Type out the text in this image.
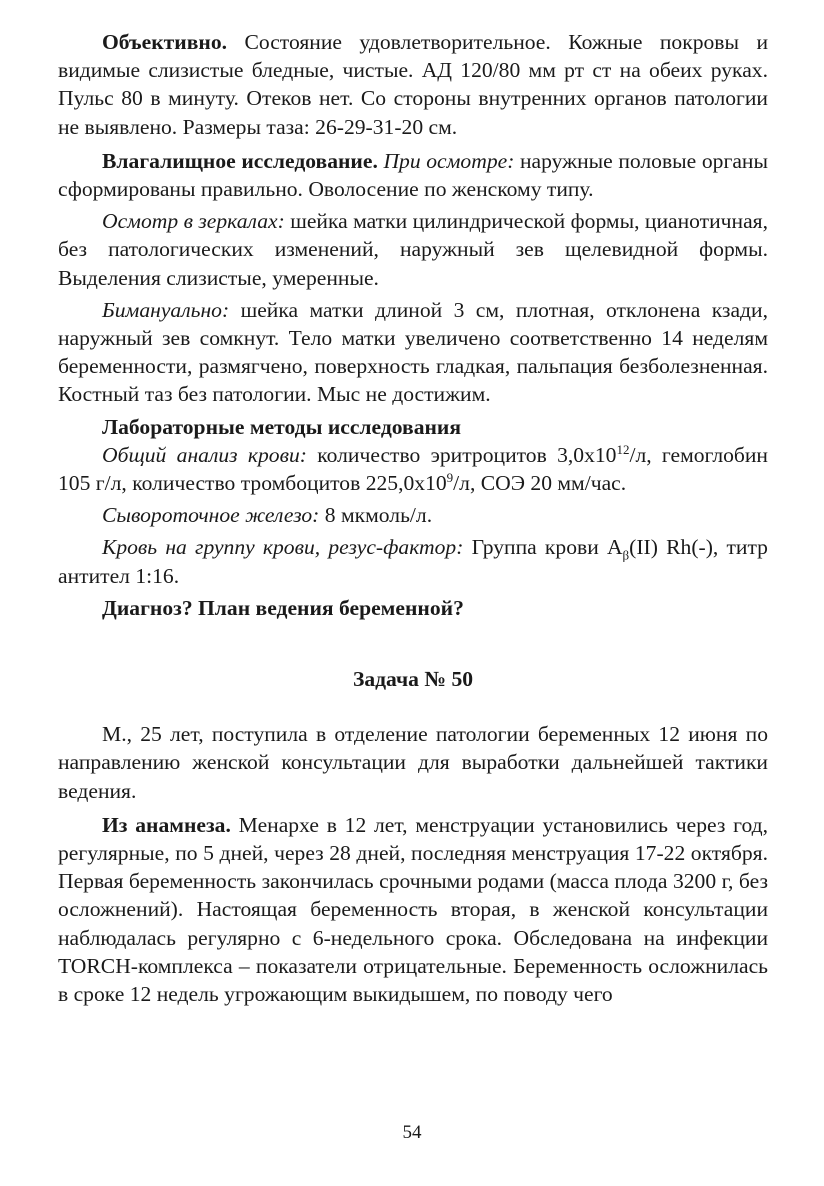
Объективно. Состояние удовлетворительное. Кожные покровы и видимые слизистые бледные, чистые. АД 120/80 мм рт ст на обеих руках. Пульс 80 в минуту. Отеков нет. Со стороны внутренних органов патологии не выявлено. Размеры таза: 26-29-31-20 см.

Влагалищное исследование. При осмотре: наружные половые органы сформированы правильно. Оволосение по женскому типу.

Осмотр в зеркалах: шейка матки цилиндрической формы, цианотичная, без патологических изменений, наружный зев щелевидной формы. Выделения слизистые, умеренные.

Бимануально: шейка матки длиной 3 см, плотная, отклонена кзади, наружный зев сомкнут. Тело матки увеличено соответственно 14 неделям беременности, размягчено, поверхность гладкая, пальпация безболезненная. Костный таз без патологии. Мыс не достижим.

Лабораторные методы исследования

Общий анализ крови: количество эритроцитов $3,0x10^{12}/л$, гемоглобин 105 г/л, количество тромбоцитов $225,0x10^9/л$, СОЭ 20 мм/час.

Сывороточное железо: 8 мкмоль/л.

Кровь на группу крови, резус-фактор: Группа крови $A_\beta(II)$ Rh(-), титр антител 1:16.

Диагноз? План ведения беременной?

Задача № 50

М., 25 лет, поступила в отделение патологии беременных 12 июня по направлению женской консультации для выработки дальнейшей тактики ведения.

Из анамнеза. Менархе в 12 лет, менструации установились через год, регулярные, по 5 дней, через 28 дней, последняя менструация 17-22 октября. Первая беременность закончилась срочными родами (масса плода 3200 г, без осложнений). Настоящая беременность вторая, в женской консультации наблюдалась регулярно с 6-недельного срока. Обследована на инфекции TORCH-комплекса – показатели отрицательные. Беременность осложнилась в сроке 12 недель угрожающим выкидышем, по поводу чего

54
